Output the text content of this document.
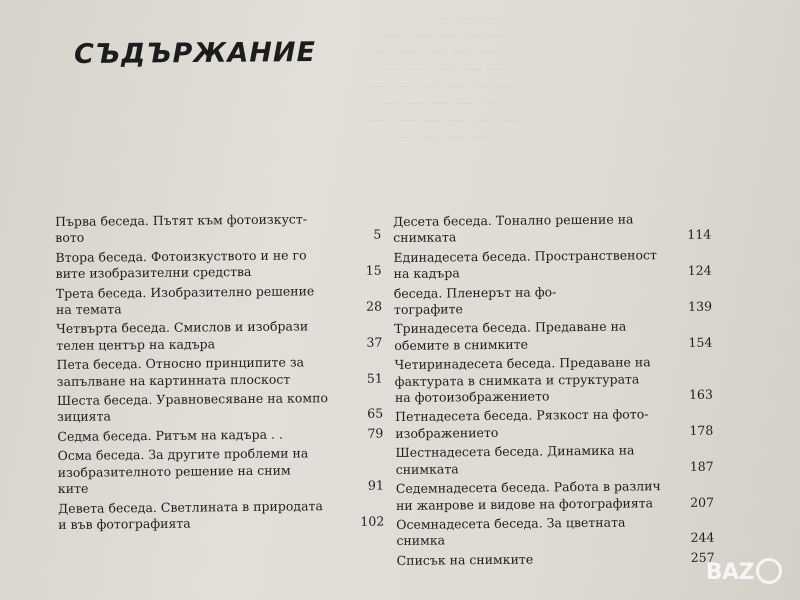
___  ___  ___
___   ___  ___  ___ ___
___  ___   ___  ___  ___
___  ___  ___  ___  ___
___  ___  ___  ___   ___ ___
___  ___  ___  ___  ___
___   ___  ___  ___  ___  ___
___  ___  ___  ___
СЪДЪРЖАНИЕ
Първа беседа. Пътят към фотоизкуст-
вото	5
Втора беседа. Фотоизкуството и не го
вите изобразителни средства	15
Трета беседа. Изобразително решение
на темата	28
Четвърта беседа. Смислов и изобрази
телен център на кадъра	37
Пета беседа. Относно принципите за
запълване на картинната плоскост	51
Шеста беседа. Уравновесяване на компо
зицията	65
Седма беседа. Ритъм на кадъра . .	79
Осма беседа. За другите проблеми на
изобразителното решение на сним
ките	91
Девета беседа. Светлината в природата
и във фотографията	102
Десета беседа. Тонално решение на
снимката	114
Единадесета беседа. Пространственост
на кадъра	124
беседа. Пленерът на фо-
тографите	139
Тринадесета беседа. Предаване на
обемите в снимките	154
Четиринадесета беседа. Предаване на
фактурата в снимката и структурата
на фотоизображението	163
Петнадесета беседа. Рязкост на фото-
изображението	178
Шестнадесета беседа. Динамика на
снимката	187
Седемнадесета беседа. Работа в различ
ни жанрове и видове на фотографията	207
Осемнадесета беседа. За цветната
снимка	244
Списък на снимките	257
BAZ
